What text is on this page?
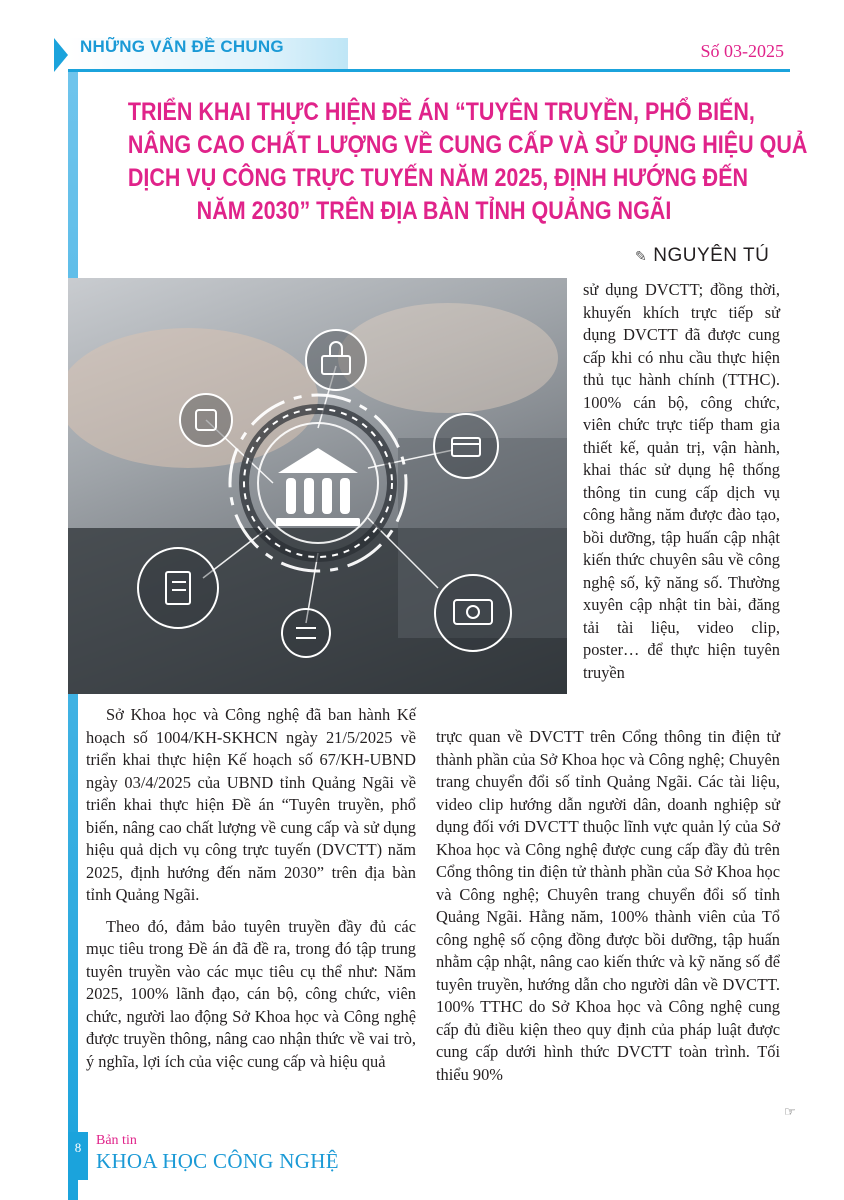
NHỮNG VẤN ĐỀ CHUNG	Số 03-2025
TRIỂN KHAI THỰC HIỆN ĐỀ ÁN “TUYÊN TRUYỀN, PHỔ BIẾN,
NÂNG CAO CHẤT LƯỢNG VỀ CUNG CẤP VÀ SỬ DỤNG HIỆU QUẢ
DỊCH VỤ CÔNG TRỰC TUYẾN NĂM 2025, ĐỊNH HƯỚNG ĐẾN
NĂM 2030” TRÊN ĐỊA BÀN TỈNH QUẢNG NGÃI
✎ NGUYÊN TÚ

sử dụng DVCTT; đồng thời, khuyến khích trực tiếp sử dụng DVCTT đã được cung cấp khi có nhu cầu thực hiện thủ tục hành chính (TTHC). 100% cán bộ, công chức, viên chức trực tiếp tham gia thiết kế, quản trị, vận hành, khai thác sử dụng hệ thống thông tin cung cấp dịch vụ công hằng năm được đào tạo, bồi dưỡng, tập huấn cập nhật kiến thức chuyên sâu về công nghệ số, kỹ năng số. Thường xuyên cập nhật tin bài, đăng tải tài liệu, video clip, poster… để thực hiện tuyên truyền

Sở Khoa học và Công nghệ đã ban hành Kế hoạch số 1004/KH-SKHCN ngày 21/5/2025 về triển khai thực hiện Kế hoạch số 67/KH-UBND ngày 03/4/2025 của UBND tỉnh Quảng Ngãi về triển khai thực hiện Đề án “Tuyên truyền, phổ biến, nâng cao chất lượng về cung cấp và sử dụng hiệu quả dịch vụ công trực tuyến (DVCTT) năm 2025, định hướng đến năm 2030” trên địa bàn tỉnh Quảng Ngãi.

Theo đó, đảm bảo tuyên truyền đầy đủ các mục tiêu trong Đề án đã đề ra, trong đó tập trung tuyên truyền vào các mục tiêu cụ thể như: Năm 2025, 100% lãnh đạo, cán bộ, công chức, viên chức, người lao động Sở Khoa học và Công nghệ được truyền thông, nâng cao nhận thức về vai trò, ý nghĩa, lợi ích của việc cung cấp và hiệu quả

trực quan về DVCTT trên Cổng thông tin điện tử thành phần của Sở Khoa học và Công nghệ; Chuyên trang chuyển đổi số tỉnh Quảng Ngãi. Các tài liệu, video clip hướng dẫn người dân, doanh nghiệp sử dụng đối với DVCTT thuộc lĩnh vực quản lý của Sở Khoa học và Công nghệ được cung cấp đầy đủ trên Cổng thông tin điện tử thành phần của Sở Khoa học và Công nghệ; Chuyên trang chuyển đổi số tỉnh Quảng Ngãi. Hằng năm, 100% thành viên của Tổ công nghệ số cộng đồng được bồi dưỡng, tập huấn nhằm cập nhật, nâng cao kiến thức và kỹ năng số để tuyên truyền, hướng dẫn cho người dân về DVCTT. 100% TTHC do Sở Khoa học và Công nghệ cung cấp đủ điều kiện theo quy định của pháp luật được cung cấp dưới hình thức DVCTT toàn trình. Tối thiểu 90%

☞
8	Bản tin
KHOA HỌC CÔNG NGHỆ
